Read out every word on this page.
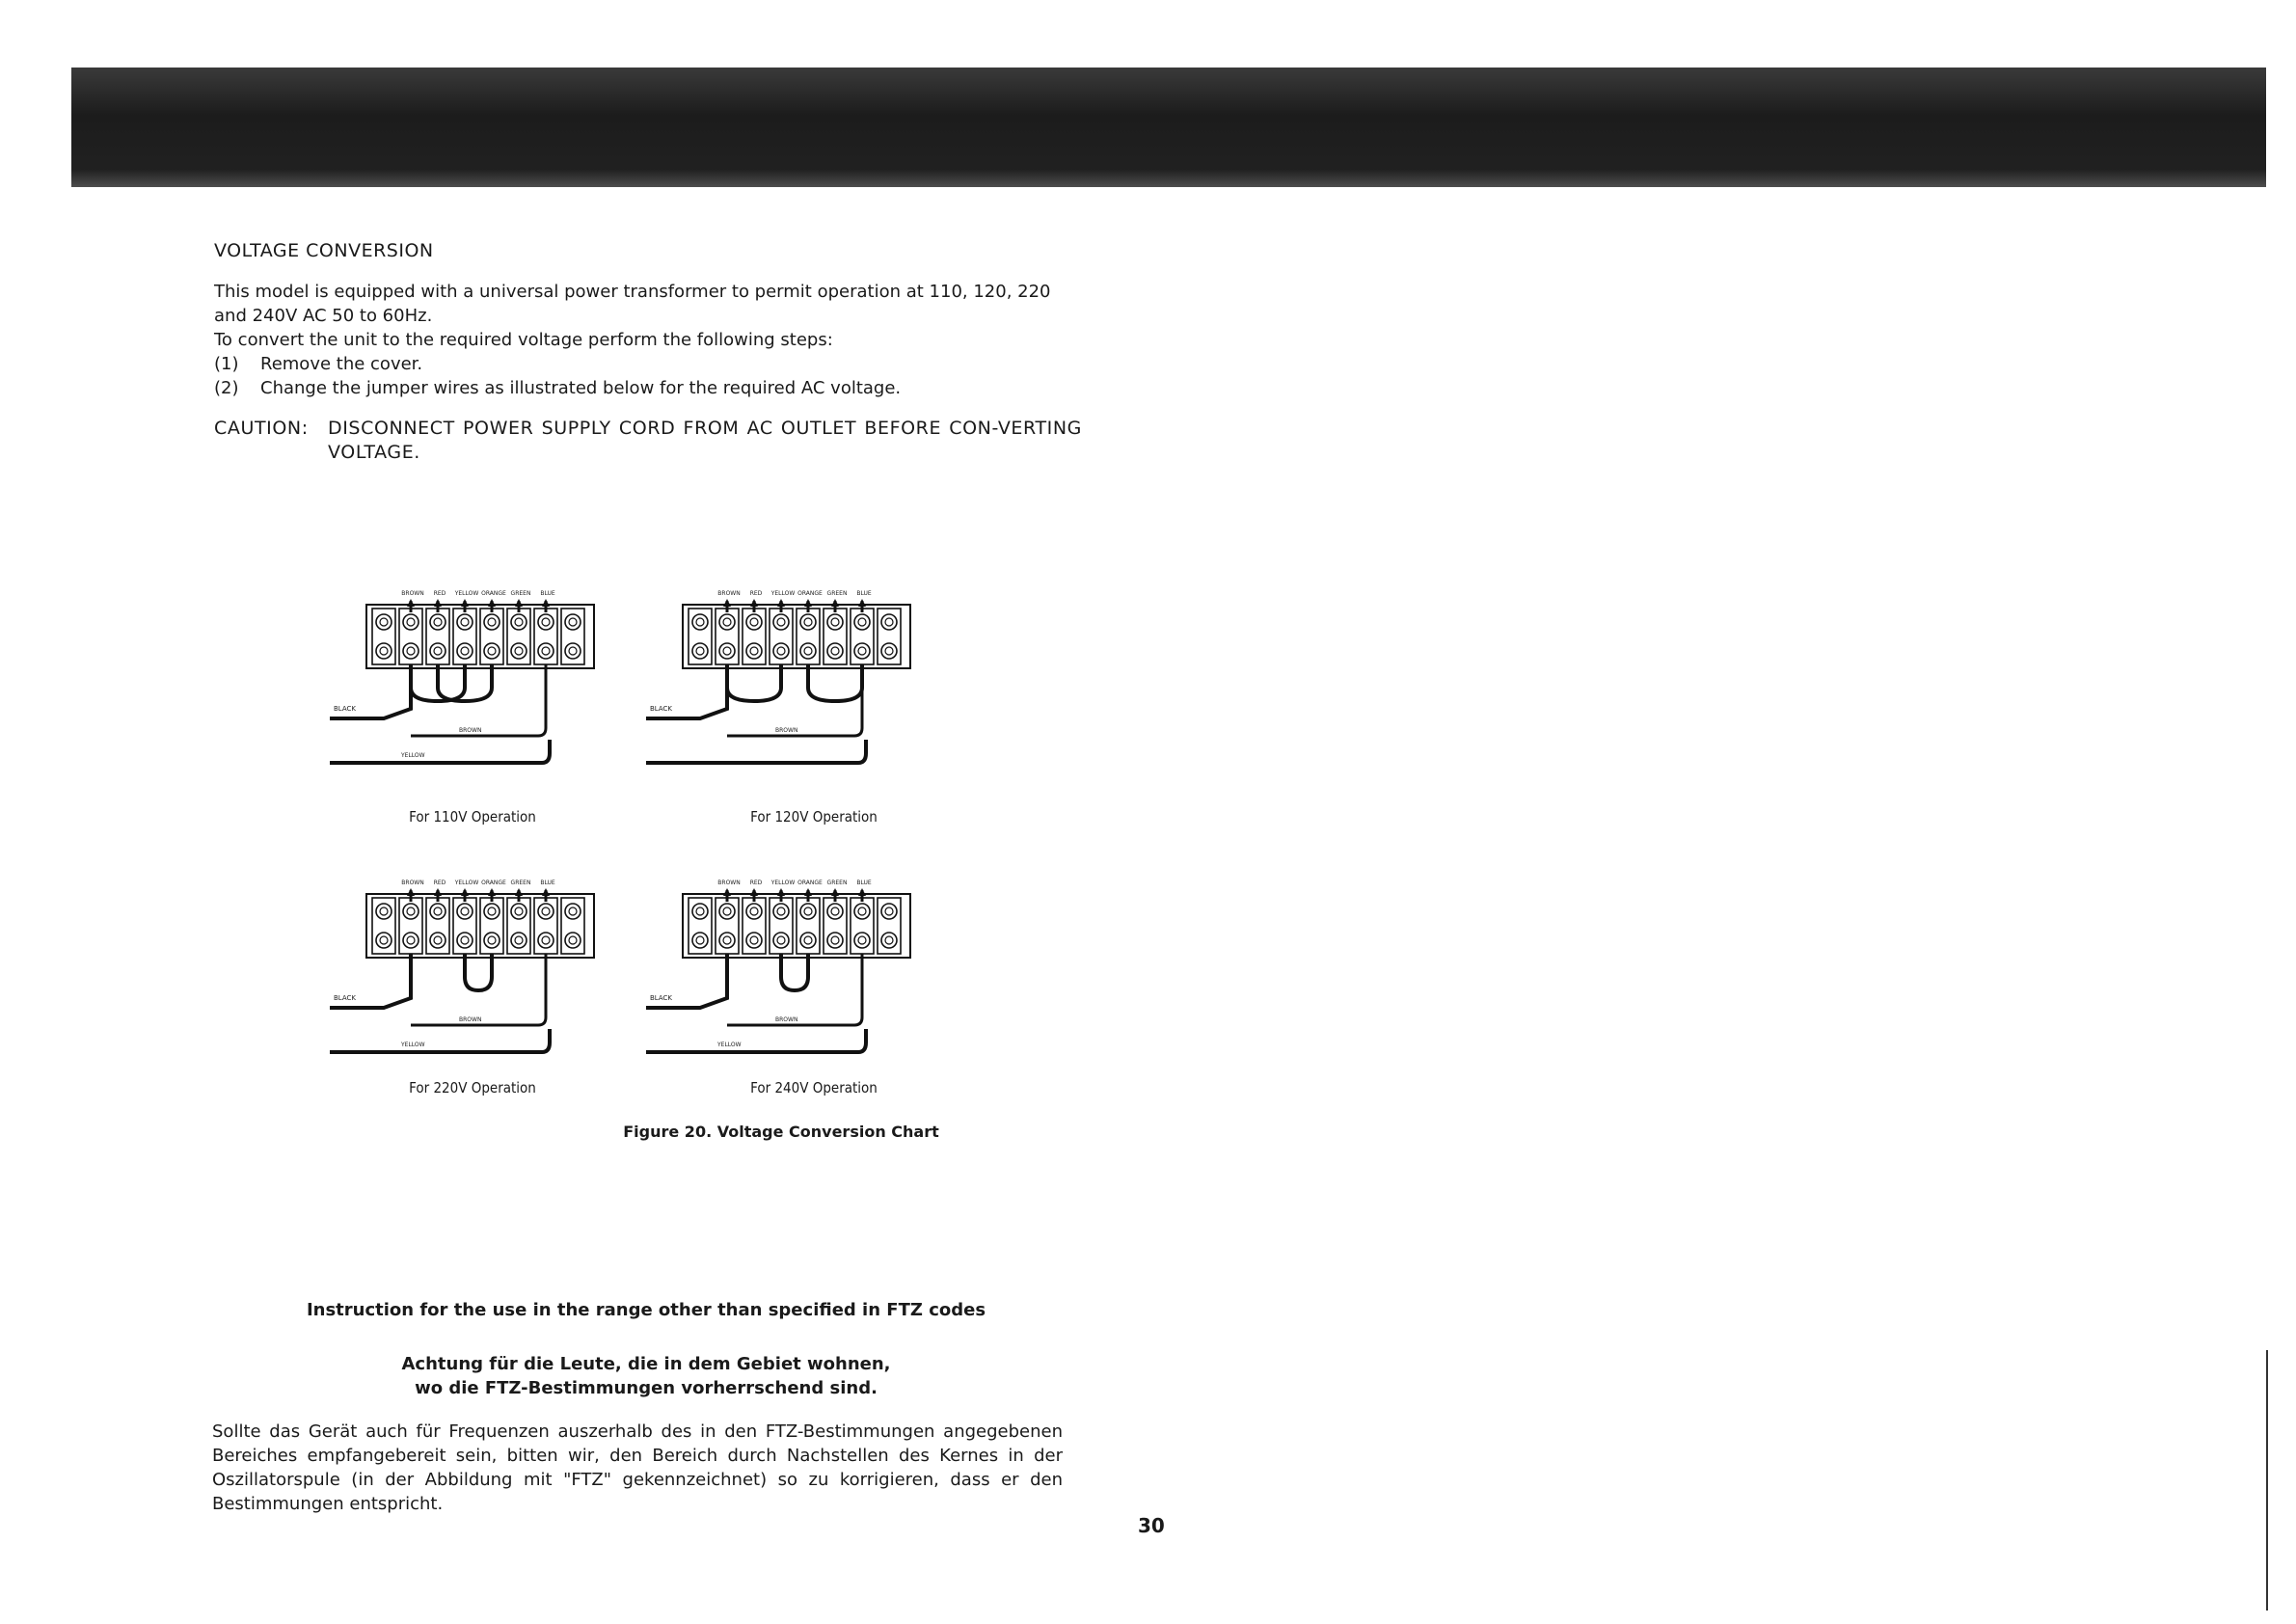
VOLTAGE CONVERSION

This model is equipped with a universal power transformer to permit operation at 110, 120, 220 and 240V AC 50 to 60Hz.

To convert the unit to the required voltage perform the following steps:

(1)	Remove the cover.
(2)	Change the jumper wires as illustrated below for the required AC voltage.
CAUTION:	DISCONNECT POWER SUPPLY CORD FROM AC OUTLET BEFORE CON-VERTING VOLTAGE.
BROWN RED YELLOW ORANGE GREEN BLUE
BLACK
BROWN
YELLOW
BROWN RED YELLOW ORANGE GREEN BLUE
BLACK
BROWN
BROWN RED YELLOW ORANGE GREEN BLUE
BLACK
BROWN
YELLOW
BROWN RED YELLOW ORANGE GREEN BLUE
BLACK
BROWN
YELLOW
For 110V Operation	For 120V Operation
For 220V Operation	For 240V Operation
Figure 20. Voltage Conversion Chart
Instruction for the use in the range other than specified in FTZ codes
Achtung für die Leute, die in dem Gebiet wohnen,
wo die FTZ-Bestimmungen vorherrschend sind.
Sollte das Gerät auch für Frequenzen auszerhalb des in den FTZ-Bestimmungen angegebenen Bereiches empfangebereit sein, bitten wir, den Bereich durch Nachstellen des Kernes in der Oszillatorspule (in der Abbildung mit "FTZ" gekennzeichnet) so zu korrigieren, dass er den Bestimmungen entspricht.
30
